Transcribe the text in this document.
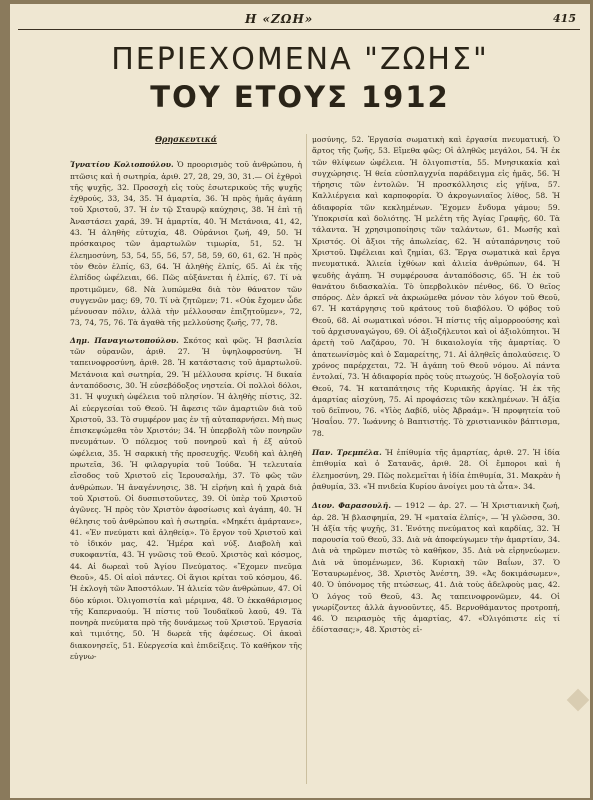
Η «ΖΩΗ»	415
ΠΕΡΙΕΧΟΜΕΝΑ "ΖΩΗΣ"
ΤΟΥ ΕΤΟΥΣ 1912
Θρησκευτικά

Ἰγνατίου Κολιοπούλου. Ὁ προορισμὸς τοῦ ἀνθρώπου, ἡ πτῶσις καὶ ἡ σωτηρία, ἀριθ. 27, 28, 29, 30, 31.— Οἱ ἐχθροὶ τῆς ψυχῆς, 32. Προσοχὴ εἰς τοὺς ἐσωτερικοὺς τῆς ψυχῆς ἐχθρούς, 33, 34, 35. Ἡ ἁμαρτία, 36. Ἡ πρὸς ἡμᾶς ἀγάπη τοῦ Χριστοῦ, 37. Ἡ ἐν τῷ Σταυρῷ καύχησις, 38. Ἡ ἐπὶ τῇ Ἀναστάσει χαρά, 39. Ἡ ἁμαρτία, 40. Ἡ Μετάνοια, 41, 42, 43. Ἡ ἀληθὴς εὐτυχία, 48. Οὐράνιοι ζωή, 49, 50. Ἡ πρόσκαιρος τῶν ἁμαρτωλῶν τιμωρία, 51, 52. Ἡ ἐλεημοσύνη, 53, 54, 55, 56, 57, 58, 59, 60, 61, 62. Ἡ πρὸς τὸν Θεὸν ἐλπίς, 63, 64. Ἡ ἀληθὴς ἐλπίς, 65. Αἱ ἐκ τῆς ἐλπίδος ὠφέλειαι, 66. Πῶς αὐξάνεται ἡ ἐλπίς, 67. Τί νὰ προτιμῶμεν, 68. Νὰ λυπώμεθα διὰ τὸν θάνατον τῶν συγγενῶν μας; 69, 70. Τί νὰ ζητῶμεν; 71. «Οὐκ ἔχομεν ὧδε μένουσαν πόλιν, ἀλλὰ τὴν μέλλουσαν ἐπιζητοῦμεν», 72, 73, 74, 75, 76. Τὰ ἀγαθὰ τῆς μελλούσης ζωῆς, 77, 78.

Δημ. Παναγιωτοπούλου. Σκότος καὶ φῶς. Ἡ βασιλεία τῶν οὐρανῶν, ἀριθ. 27. Ἡ ὑψηλοφροσύνη. Ἡ ταπεινοφροσύνη, ἀριθ. 28. Ἡ κατάστασις τοῦ ἁμαρτωλοῦ. Μετάνοια καὶ σωτηρία, 29. Ἡ μέλλουσα κρίσις. Ἡ δικαία ἀνταπόδοσις, 30. Ἡ εὐσεβόδοξος νηστεία. Οἱ πολλοὶ δόλοι, 31. Ἡ ψυχικὴ ὠφέλεια τοῦ πλησίον. Ἡ ἀληθὴς πίστις, 32. Αἱ εὐεργεσίαι τοῦ Θεοῦ. Ἡ ἄφεσις τῶν ἁμαρτιῶν διὰ τοῦ Χριστοῦ, 33. Τὸ συμφέρον μας ἐν τῇ αὐταπαρνήσει. Μὴ πως ἐπισκεψώμεθα τὸν Χριστόν; 34. Ἡ ὑπερβολὴ τῶν πονηρῶν πνευμάτων. Ὁ πόλεμος τοῦ πονηροῦ καὶ ἡ ἐξ αὐτοῦ ὠφέλεια, 35. Ἡ σαρκικὴ τῆς προσευχῆς. Ψευδὴ καὶ ἀληθὴ πρωτεῖα, 36. Ἡ φιλαργυρία τοῦ Ἰούδα. Ἡ τελευταία εἴσοδος τοῦ Χριστοῦ εἰς Ἱερουσαλήμ, 37. Τὸ φῶς τῶν ἀνθρώπων. Ἡ ἀναγέννησις, 38. Ἡ εἰρήνη καὶ ἡ χαρὰ διὰ τοῦ Χριστοῦ. Οἱ δυσπιστοῦντες, 39. Οἱ ὑπὲρ τοῦ Χριστοῦ ἀγῶνες. Ἡ πρὸς τὸν Χριστὸν ἀφοσίωσις καὶ ἀγάπη, 40. Ἡ θέλησις τοῦ ἀνθρώπου καὶ ἡ σωτηρία. «Μηκέτι ἁμάρτανε», 41. «Ἐν πνεύματι καὶ ἀληθείᾳ». Τὸ ἔργον τοῦ Χριστοῦ καὶ τὸ ἰδικόν μας, 42. Ἡμέρα καὶ νύξ. Διαβολὴ καὶ συκοφαντία, 43. Ἡ γνῶσις τοῦ Θεοῦ. Χριστὸς καὶ κόσμος, 44. Αἱ δωρεαὶ τοῦ Ἁγίου Πνεύματος. «Ἔχομεν πνεῦμα Θεοῦ», 45. Οἱ αἰοὶ πάντες. Οἱ ἅγιοι κρίται τοῦ κόσμου, 46. Ἡ ἐκλογὴ τῶν Ἀποστόλων. Ἡ ἀλιεία τῶν ἀνθρώπων, 47. Οἱ δύο κύριοι. Ὀλιγοπιστία καὶ μέριμνα, 48. Ὁ ἐκκαθάρισμος τῆς Καπερναούμ. Ἡ πίστις τοῦ Ἰουδαϊκοῦ λαοῦ, 49. Τὰ πονηρὰ πνεύματα πρὸ τῆς δυνάμεως τοῦ Χριστοῦ. Ἐργασία καὶ τιμιότης, 50. Ἡ δωρεὰ τῆς ἀφέσεως. Οἱ ἀκοαὶ διακονησεῖς, 51. Εὐεργεσία καὶ ἐπιδείξεις. Τὸ καθῆκον τῆς εὐγνω-

μοσύνης, 52. Ἐργασία σωματικὴ καὶ ἐργασία πνευματική. Ὁ ἄρτος τῆς ζωῆς, 53. Εἴμεθα φῶς; Οἱ ἀληθῶς μεγάλοι, 54. Ἡ ἐκ τῶν θλίψεων ὠφέλεια. Ἡ ὀλιγοπιστία, 55. Μνησικακία καὶ συγχώρησις. Ἡ θεία εὐσπλαγχνία παράδειγμα εἰς ἡμᾶς, 56. Ἡ τήρησις τῶν ἐντολῶν. Ἡ προσκόλλησις εἰς γήϊνα, 57. Καλλιέργεια καὶ καρποφορία. Ὁ ἀκρογωνιαῖος λίθος, 58. Ἡ ἀδιαφορία τῶν κεκλημένων. Ἔχομεν ἔνδυμα γάμου; 59. Ὑποκρισία καὶ δολιότης. Ἡ μελέτη τῆς Ἁγίας Γραφῆς, 60. Τὰ τάλαντα. Ἡ χρησιμοποίησις τῶν ταλάντων, 61. Μωσῆς καὶ Χριστός. Οἱ ἄξιοι τῆς ἀπωλείας, 62. Ἡ αὐταπάρνησις τοῦ Χριστοῦ. Ὠφέλειαι καὶ ζημίαι, 63. Ἔργα σωματικὰ καὶ ἔργα πνευματικά. Ἁλιεία ἰχθύων καὶ ἁλιεία ἀνθρώπων, 64. Ἡ ψευδὴς ἀγάπη. Ἡ συμφέρουσα ἀνταπόδοσις, 65. Ἡ ἐκ τοῦ θανάτου διδασκαλία. Τὸ ὑπερβολικὸν πένθος, 66. Ὁ θεῖος σπόρος. Δὲν ἀρκεῖ νὰ ἀκρωώμεθα μόνον τὸν λόγον τοῦ Θεοῦ, 67. Ἡ κατάργησις τοῦ κράτους τοῦ διαβόλου. Ὁ φόβος τοῦ Θεοῦ, 68. Αἱ σωματικαὶ νόσοι. Ἡ πίστις τῆς αἱμορροούσης καὶ τοῦ ἀρχισυναγώγου, 69. Οἱ ἀξιοζήλευτοι καὶ οἱ ἀξιολύπητοι. Ἡ ἀρετὴ τοῦ Λαζάρου, 70. Ἡ δικαιολογία τῆς ἁμαρτίας. Ὁ ἀπατεωνίσμὸς καὶ ὁ Σαμαρείτης, 71. Αἱ ἀληθεῖς ἀπολαύσεις. Ὁ χρόνος παρέρχεται, 72. Ἡ ἀγάπη τοῦ Θεοῦ νόμου. Αἱ πάντα ἐντολαί, 73. Ἡ ἀδιαφορία πρὸς τοὺς πτωχούς. Ἡ δοξολογία τοῦ Θεοῦ, 74. Ἡ καταπάτησις τῆς Κυριακῆς ἀργίας. Ἡ ἐκ τῆς ἁμαρτίας αἰσχύνη, 75. Αἱ προφάσεις τῶν κεκλημένων. Ἡ ἀξία τοῦ δεῖπνου, 76. «Υἱὸς Δαβίδ, υἱὸς Ἀβραάμ». Ἡ προφητεία τοῦ Ἠσαΐου. 77. Ἰωάννης ὁ Βαπτιστής. Τὸ χριστιανικὸν βάπτισμα, 78.

Παν. Τρεμπέλα. Ἡ ἐπίθυμία τῆς ἁμαρτίας, ἀριθ. 27. Ἡ ἰδία ἐπιθυμία καὶ ὁ Σατανᾶς, ἀριθ. 28. Οἱ ἔμποροι καὶ ἡ ἐλεημοσύνη, 29. Πῶς πολεμεῖται ἡ ἰδία ἐπιθυμία, 31. Μακρὰν ἡ ῥαθυμία, 33. «Ἡ πνιδεία Κυρίου ἀνοίγει μου τὰ ὦτα». 34.

Διον. Φαρασουλῆ. — 1912 — ἀρ. 27. — Ἡ Χριστιανικὴ ζωή, ἀρ. 28. Ἡ βλασφημία, 29. Ἡ «ματαία ἐλπίς», — Ἡ γλῶσσα, 30. Ἡ ἀξία τῆς ψυχῆς, 31. Ἐνότης πνεύματος καὶ καρδίας, 32. Ἡ παρουσία τοῦ Θεοῦ, 33. Διὰ νὰ ἀποφεύγωμεν τὴν ἁμαρτίαν, 34. Διὰ νὰ τηρῶμεν πιστῶς τὸ καθῆκον, 35. Διὰ νὰ εἰρηνεύωμεν. Διὰ νὰ ὑπομένωμεν, 36. Κυριακὴ τῶν Βαΐων, 37. Ὁ Ἐσταυρωμένος, 38. Χριστὸς Ἀνέστη, 39. «Ἀς δοκιμάσωμεν», 40. Ὁ ὑπόνομος τῆς πτώσεως, 41. Διὰ τοὺς ἀδελφοὺς μας, 42. Ὁ λόγος τοῦ Θεοῦ, 43. Ἀς ταπεινοφρονῶμεν, 44. Οἱ γνωρίζοντες ἀλλὰ ἀγνοοῦντες, 45. Βερνοθάμαντος προτροπή, 46. Ὁ πειρασμὸς τῆς ἁμαρτίας, 47. «Ὀλιγόπιστε εἰς τί ἐδίστασας;», 48. Χριστὸς εἰ-
